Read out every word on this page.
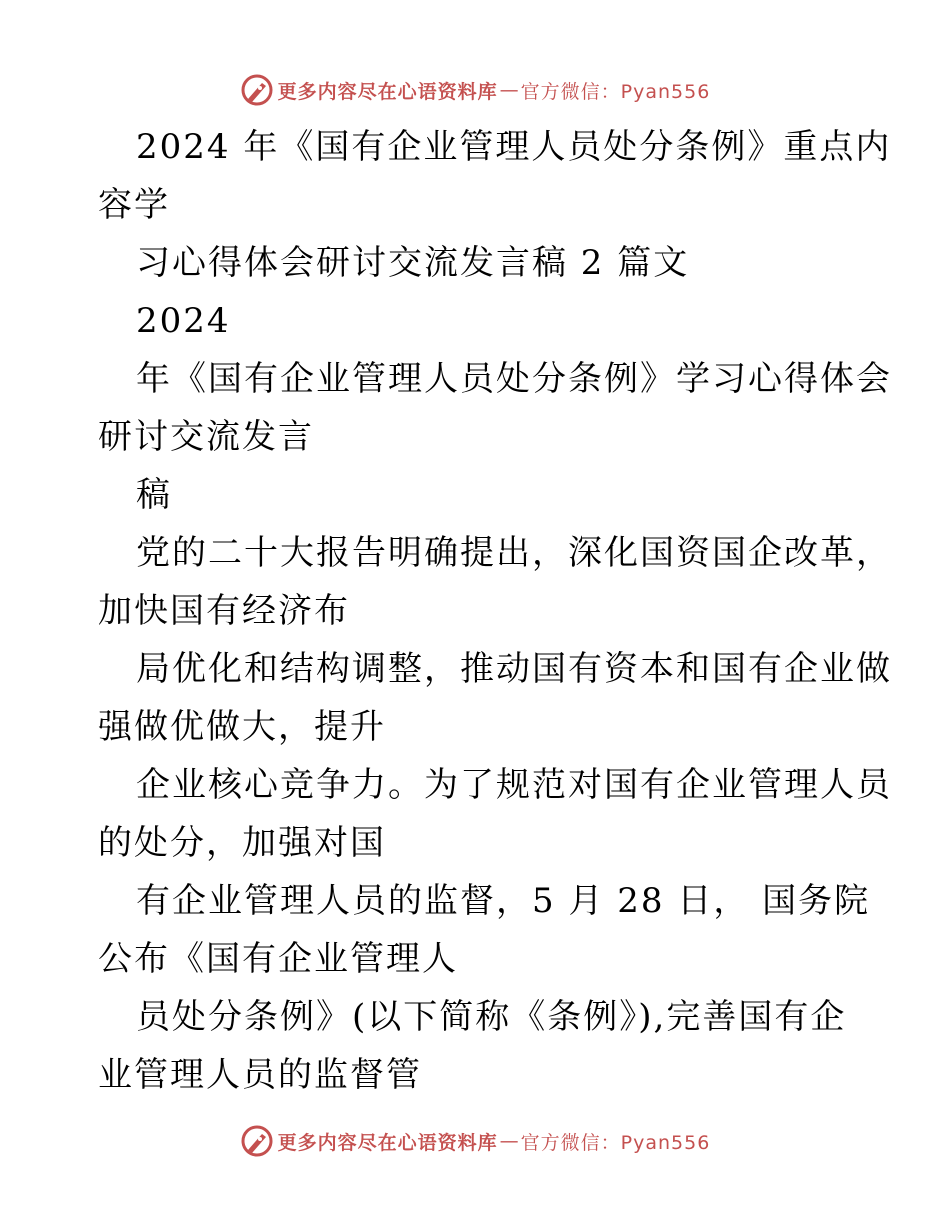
更多内容尽在心语资料库 — 官方微信：Pyan556
2024 年《国有企业管理人员处分条例》重点内
容学
习心得体会研讨交流发言稿 2 篇文
2024
年《国有企业管理人员处分条例》学习心得体会
研讨交流发言
稿
党的二十大报告明确提出，深化国资国企改革，
加快国有经济布
局优化和结构调整，推动国有资本和国有企业做
强做优做大，提升
企业核心竞争力。为了规范对国有企业管理人员
的处分，加强对国
有企业管理人员的监督，5 月 28 日， 国务院
公布《国有企业管理人
员处分条例》(以下简称《条例》),完善国有企
业管理人员的监督管
更多内容尽在心语资料库 — 官方微信：Pyan556
